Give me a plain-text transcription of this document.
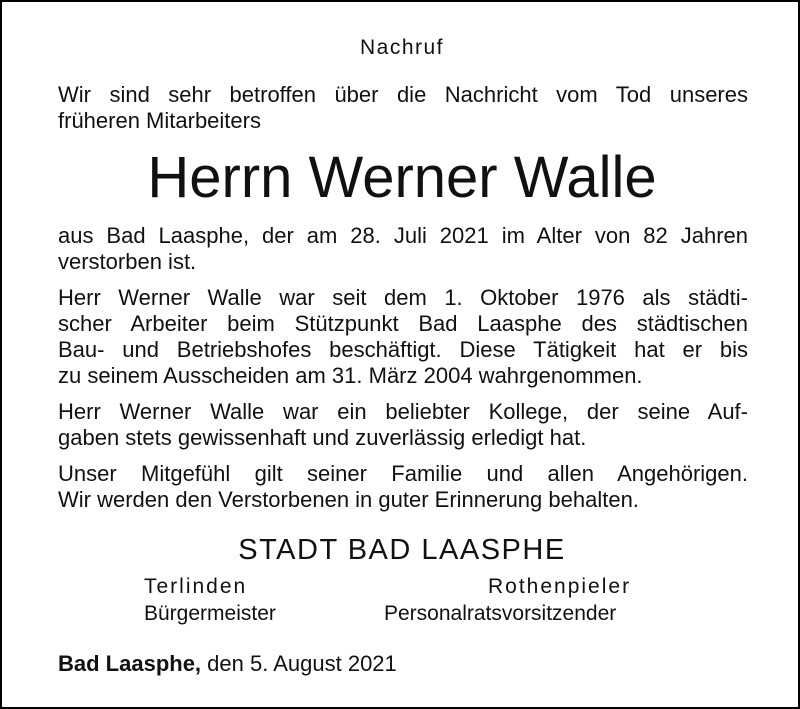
Nachruf
Wir sind sehr betroffen über die Nachricht vom Tod unseres
früheren Mitarbeiters
Herrn Werner Walle
aus Bad Laasphe, der am 28. Juli 2021 im Alter von 82 Jahren
verstorben ist.
Herr Werner Walle war seit dem 1. Oktober 1976 als städti-
scher Arbeiter beim Stützpunkt Bad Laasphe des städtischen
Bau- und Betriebshofes beschäftigt. Diese Tätigkeit hat er bis
zu seinem Ausscheiden am 31. März 2004 wahrgenommen.
Herr Werner Walle war ein beliebter Kollege, der seine Auf-
gaben stets gewissenhaft und zuverlässig erledigt hat.
Unser Mitgefühl gilt seiner Familie und allen Angehörigen.
Wir werden den Verstorbenen in guter Erinnerung behalten.
STADT BAD LAASPHE
Terlinden
Bürgermeister
Rothenpieler
Personalratsvorsitzender
Bad Laasphe, den 5. August 2021
